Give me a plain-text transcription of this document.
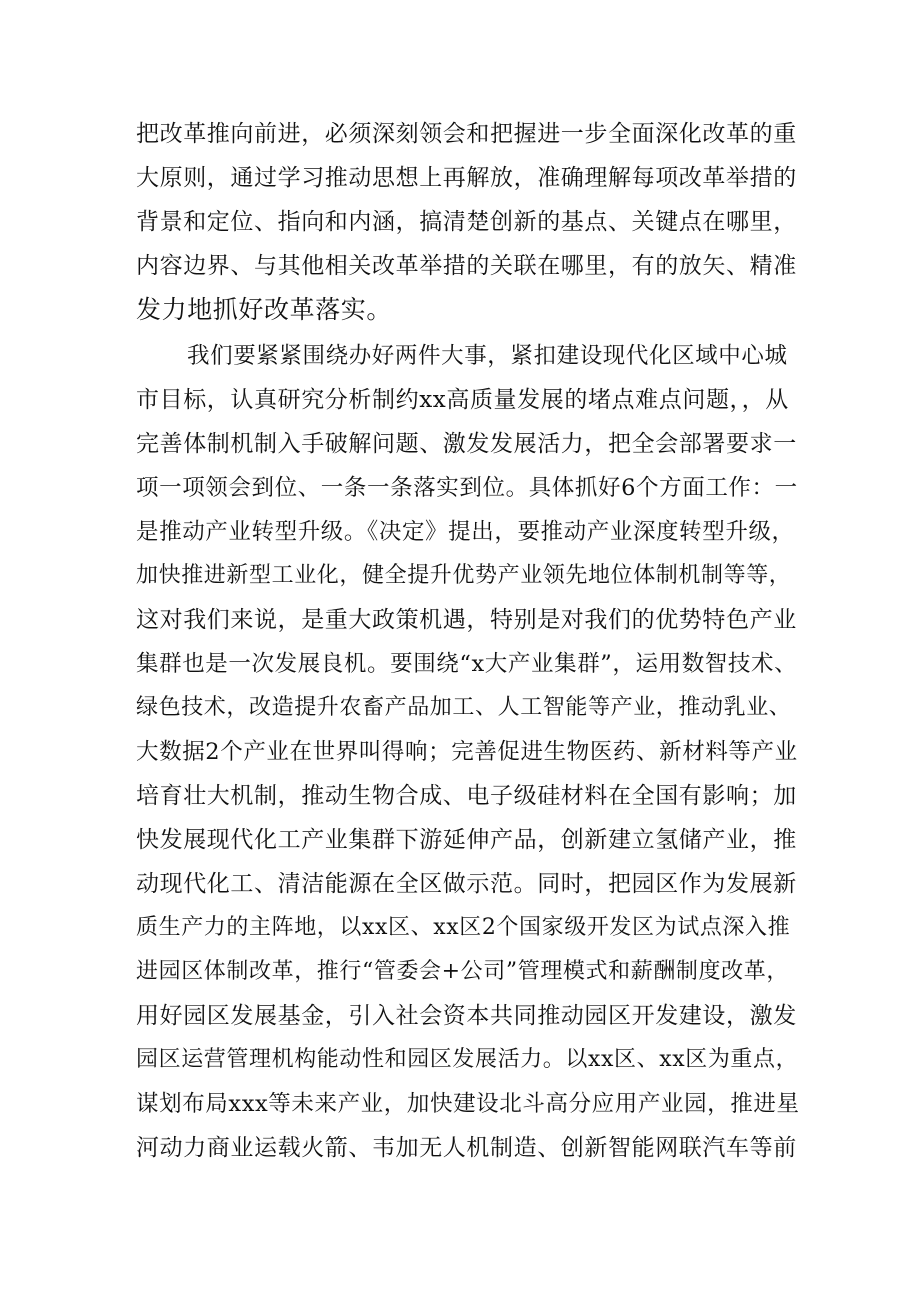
把改革推向前进，必须深刻领会和把握进一步全面深化改革的重
大原则，通过学习推动思想上再解放，准确理解每项改革举措的
背景和定位、指向和内涵，搞清楚创新的基点、关键点在哪里，
内容边界、与其他相关改革举措的关联在哪里，有的放矢、精准
发力地抓好改革落实。
我们要紧紧围绕办好两件大事，紧扣建设现代化区域中心城
市目标，认真研究分析制约xx高质量发展的堵点难点问题，，从
完善体制机制入手破解问题、激发发展活力，把全会部署要求一
项一项领会到位、一条一条落实到位。具体抓好6个方面工作：一
是推动产业转型升级。《决定》提出，要推动产业深度转型升级，
加快推进新型工业化，健全提升优势产业领先地位体制机制等等，
这对我们来说，是重大政策机遇，特别是对我们的优势特色产业
集群也是一次发展良机。要围绕“x大产业集群”，运用数智技术、
绿色技术，改造提升农畜产品加工、人工智能等产业，推动乳业、
大数据2个产业在世界叫得响；完善促进生物医药、新材料等产业
培育壮大机制，推动生物合成、电子级硅材料在全国有影响；加
快发展现代化工产业集群下游延伸产品，创新建立氢储产业，推
动现代化工、清洁能源在全区做示范。同时，把园区作为发展新
质生产力的主阵地，以xx区、xx区2个国家级开发区为试点深入推
进园区体制改革，推行“管委会+公司”管理模式和薪酬制度改革，
用好园区发展基金，引入社会资本共同推动园区开发建设，激发
园区运营管理机构能动性和园区发展活力。以xx区、xx区为重点，
谋划布局xxx等未来产业，加快建设北斗高分应用产业园，推进星
河动力商业运载火箭、韦加无人机制造、创新智能网联汽车等前
